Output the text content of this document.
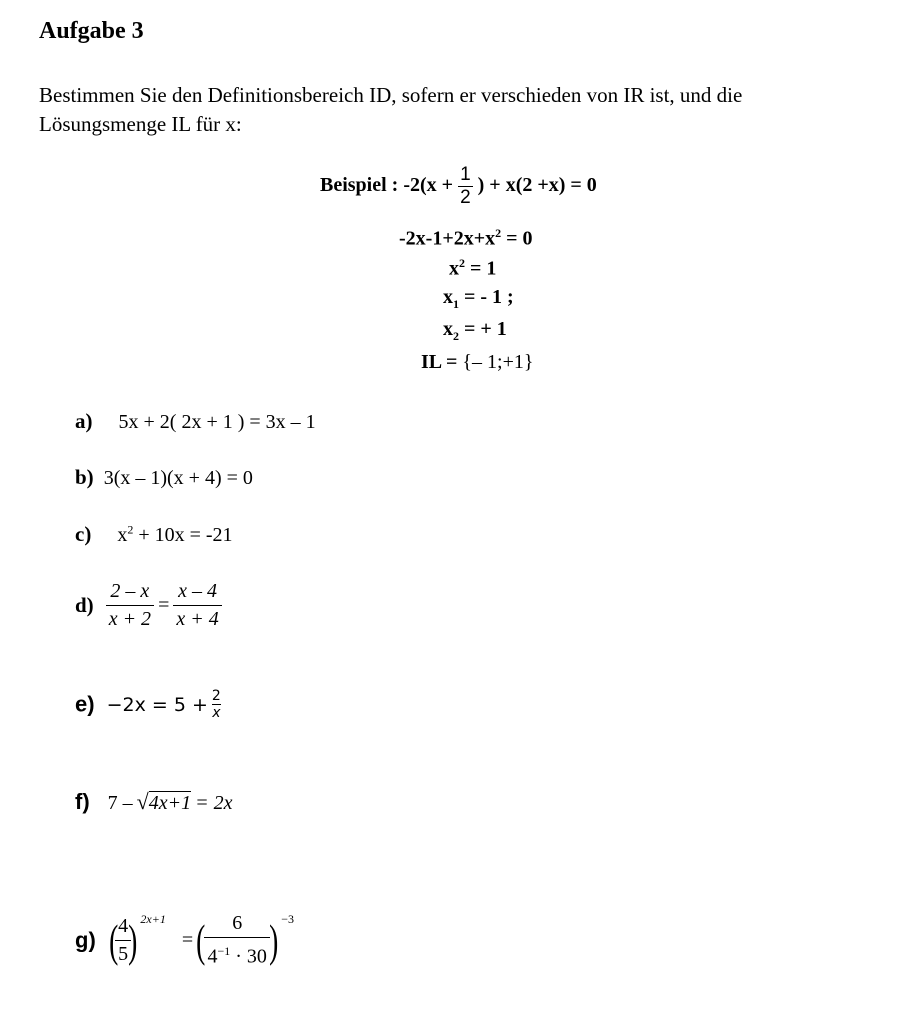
Aufgabe 3
Bestimmen Sie den Definitionsbereich ID, sofern er verschieden von IR ist, und die Lösungsmenge IL für x:
Beispiel : $-2(x + \frac{1}{2}$ ) + x(2 +x) = 0
$-2x-1+2x+x^2 = 0$
$x^2 = 1$
$x_1$ = - 1 ;
$x_2$ = + 1
IL = {– 1;+1}
a) 5x + 2( 2x + 1 ) = 3x – 1
b) 3(x – 1)(x + 4) = 0
c) $x^2 + 10x = -21$
$d) \frac{2 - x}{x + 2} = \frac{x - 4}{x + 4}$
$e) -2x = 5 + \frac{2}{x}$
f) 7 – √4x+1 = 2x
g) (
$\frac{4}{5}$
) $^{2x+1}$ =( $\frac{6}{4^{-1} \cdot 30}$ ) $^{-3}$
